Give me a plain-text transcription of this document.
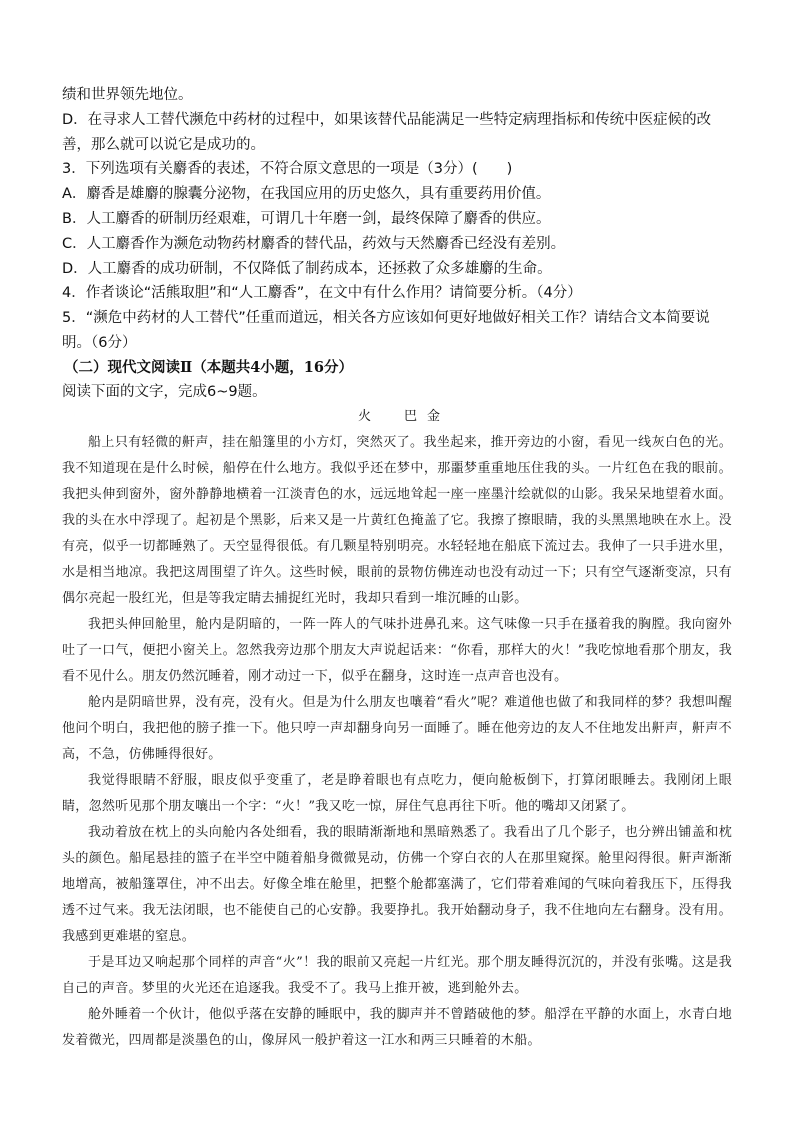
绩和世界领先地位。

D．在寻求人工替代濒危中药材的过程中，如果该替代品能满足一些特定病理指标和传统中医症候的改善，那么就可以说它是成功的。

3．下列选项有关麝香的表述，不符合原文意思的一项是（3分）(　　)

A．麝香是雄麝的腺囊分泌物，在我国应用的历史悠久，具有重要药用价值。

B．人工麝香的研制历经艰难，可谓几十年磨一剑，最终保障了麝香的供应。

C．人工麝香作为濒危动物药材麝香的替代品，药效与天然麝香已经没有差别。

D．人工麝香的成功研制，不仅降低了制药成本，还拯救了众多雄麝的生命。

4．作者谈论“活熊取胆”和“人工麝香”，在文中有什么作用？请简要分析。（4分）

5．“濒危中药材的人工替代”任重而道远，相关各方应该如何更好地做好相关工作？请结合文本简要说明。（6分）

（二）现代文阅读Ⅱ（本题共4小题，16分）

阅读下面的文字，完成6~9题。

火　巴金

船上只有轻微的鼾声，挂在船篷里的小方灯，突然灭了。我坐起来，推开旁边的小窗，看见一线灰白色的光。我不知道现在是什么时候，船停在什么地方。我似乎还在梦中，那噩梦重重地压住我的头。一片红色在我的眼前。我把头伸到窗外，窗外静静地横着一江淡青色的水，远远地耸起一座一座墨汁绘就似的山影。我呆呆地望着水面。我的头在水中浮现了。起初是个黑影，后来又是一片黄红色掩盖了它。我擦了擦眼睛，我的头黑黑地映在水上。没有亮，似乎一切都睡熟了。天空显得很低。有几颗星特别明亮。水轻轻地在船底下流过去。我伸了一只手进水里，水是相当地凉。我把这周围望了许久。这些时候，眼前的景物仿佛连动也没有动过一下；只有空气逐渐变凉，只有偶尔亮起一股红光，但是等我定睛去捕捉红光时，我却只看到一堆沉睡的山影。

我把头伸回舱里，舱内是阴暗的，一阵一阵人的气味扑进鼻孔来。这气味像一只手在搔着我的胸膛。我向窗外吐了一口气，便把小窗关上。忽然我旁边那个朋友大声说起话来：“你看，那样大的火！”我吃惊地看那个朋友，我看不见什么。朋友仍然沉睡着，刚才动过一下，似乎在翻身，这时连一点声音也没有。

舱内是阴暗世界，没有亮，没有火。但是为什么朋友也嚷着“看火”呢？难道他也做了和我同样的梦？我想叫醒他问个明白，我把他的膀子推一下。他只哼一声却翻身向另一面睡了。睡在他旁边的友人不住地发出鼾声，鼾声不高，不急，仿佛睡得很好。

我觉得眼睛不舒服，眼皮似乎变重了，老是睁着眼也有点吃力，便向舱板倒下，打算闭眼睡去。我刚闭上眼睛，忽然听见那个朋友嚷出一个字：“火！”我又吃一惊，屏住气息再往下听。他的嘴却又闭紧了。

我动着放在枕上的头向舱内各处细看，我的眼睛渐渐地和黑暗熟悉了。我看出了几个影子，也分辨出铺盖和枕头的颜色。船尾悬挂的篮子在半空中随着船身微微晃动，仿佛一个穿白衣的人在那里窥探。舱里闷得很。鼾声渐渐地增高，被船篷罩住，冲不出去。好像全堆在舱里，把整个舱都塞满了，它们带着难闻的气味向着我压下，压得我透不过气来。我无法闭眼，也不能使自己的心安静。我要挣扎。我开始翻动身子，我不住地向左右翻身。没有用。我感到更难堪的窒息。

于是耳边又响起那个同样的声音“火”！我的眼前又亮起一片红光。那个朋友睡得沉沉的，并没有张嘴。这是我自己的声音。梦里的火光还在追逐我。我受不了。我马上推开被，逃到舱外去。

舱外睡着一个伙计，他似乎落在安静的睡眠中，我的脚声并不曾踏破他的梦。船浮在平静的水面上，水青白地发着微光，四周都是淡墨色的山，像屏风一般护着这一江水和两三只睡着的木船。
